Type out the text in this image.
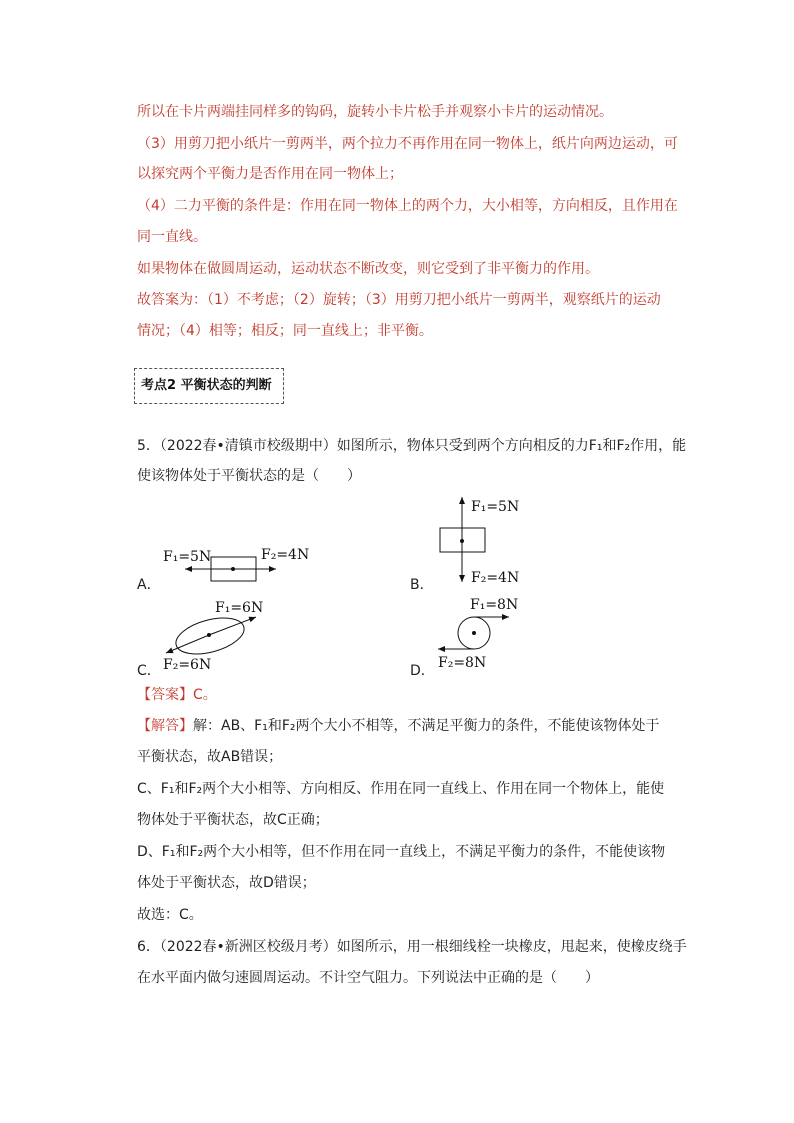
所以在卡片两端挂同样多的钩码，旋转小卡片松手并观察小卡片的运动情况。
（3）用剪刀把小纸片一剪两半，两个拉力不再作用在同一物体上，纸片向两边运动，可
以探究两个平衡力是否作用在同一物体上；
（4）二力平衡的条件是：作用在同一物体上的两个力，大小相等，方向相反，且作用在
同一直线。
如果物体在做圆周运动，运动状态不断改变，则它受到了非平衡力的作用。
故答案为：（1）不考虑；（2）旋转；（3）用剪刀把小纸片一剪两半，观察纸片的运动
情况；（4）相等；相反；同一直线上；非平衡。
考点2 平衡状态的判断
5．（2022春•清镇市校级期中）如图所示，物体只受到两个方向相反的力F₁和F₂作用，能
使该物体处于平衡状态的是（　　）
A．	B．
C．	D．
F₁=5N	F₂=4N
F₁=5N
F₂=4N
F₁=6N
F₂=6N
F₁=8N
F₂=8N
【答案】C。
【解答】解：AB、F₁和F₂两个大小不相等，不满足平衡力的条件，不能使该物体处于
平衡状态，故AB错误；
C、F₁和F₂两个大小相等、方向相反、作用在同一直线上、作用在同一个物体上，能使
物体处于平衡状态，故C正确；
D、F₁和F₂两个大小相等，但不作用在同一直线上，不满足平衡力的条件，不能使该物
体处于平衡状态，故D错误；
故选：C。
6．（2022春•新洲区校级月考）如图所示，用一根细线栓一块橡皮，甩起来，使橡皮绕手
在水平面内做匀速圆周运动。不计空气阻力。下列说法中正确的是（　　）
